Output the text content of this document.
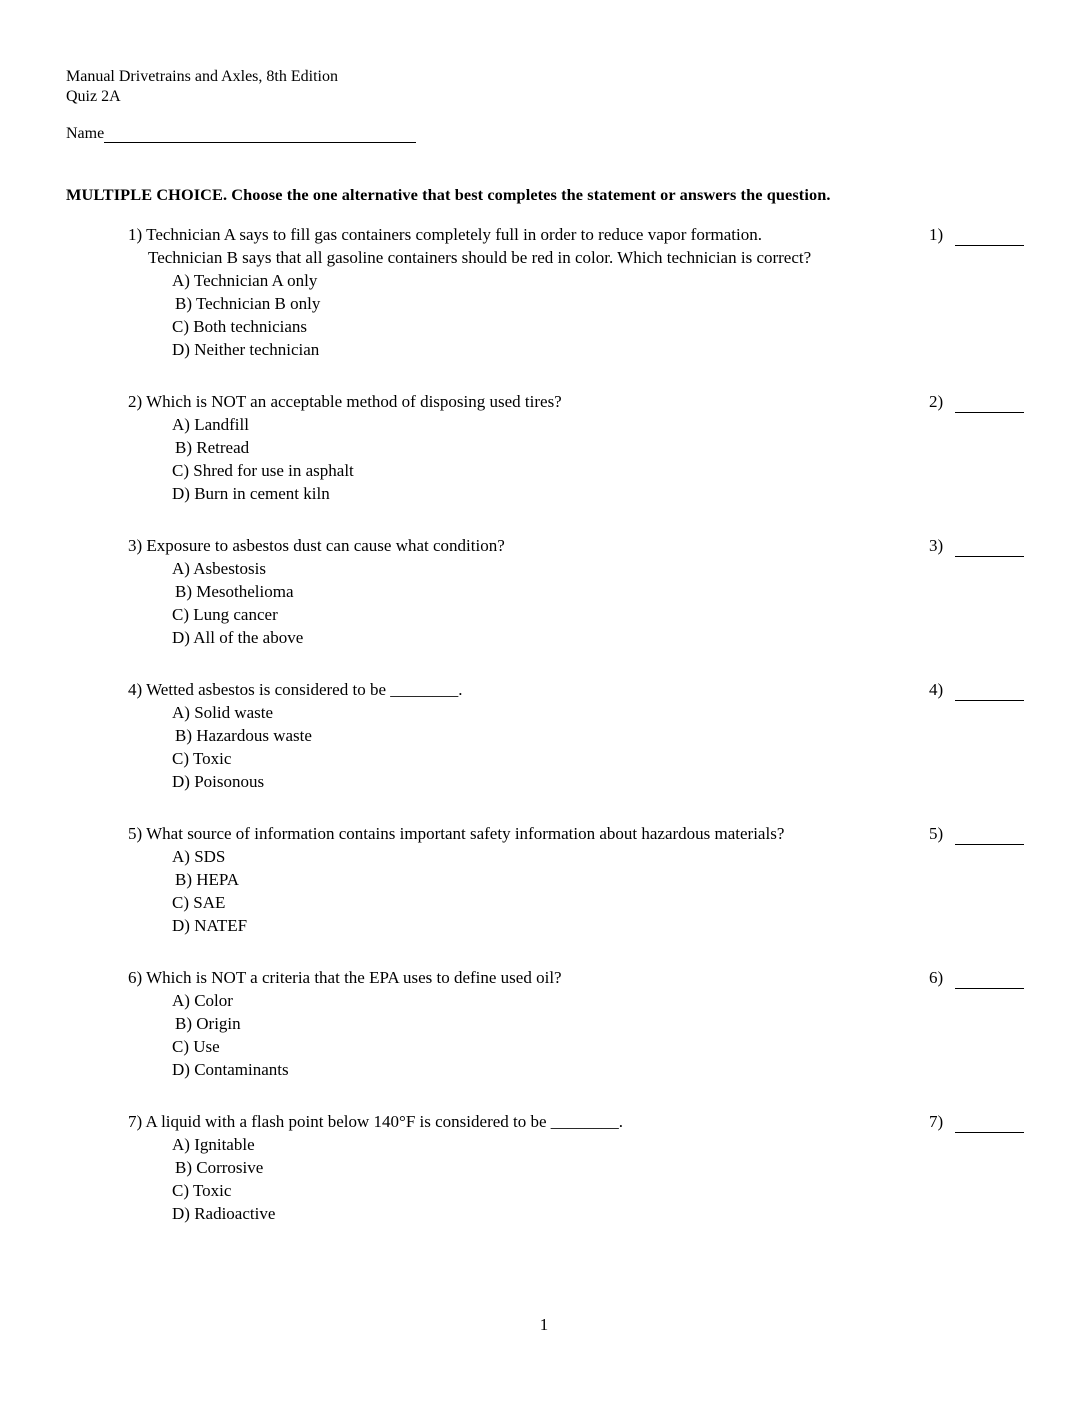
Manual Drivetrains and Axles, 8th Edition
Quiz 2A
Name
MULTIPLE CHOICE. Choose the one alternative that best completes the statement or answers the question.
1) Technician A says to fill gas containers completely full in order to reduce vapor formation.
Technician B says that all gasoline containers should be red in color. Which technician is correct?
A) Technician A only
B) Technician B only
C) Both technicians
D) Neither technician
1)
2) Which is NOT an acceptable method of disposing used tires?
A) Landfill
B) Retread
C) Shred for use in asphalt
D) Burn in cement kiln
2)
3) Exposure to asbestos dust can cause what condition?
A) Asbestosis
B) Mesothelioma
C) Lung cancer
D) All of the above
3)
4) Wetted asbestos is considered to be ________.
A) Solid waste
B) Hazardous waste
C) Toxic
D) Poisonous
4)
5) What source of information contains important safety information about hazardous materials?
A) SDS
B) HEPA
C) SAE
D) NATEF
5)
6) Which is NOT a criteria that the EPA uses to define used oil?
A) Color
B) Origin
C) Use
D) Contaminants
6)
7) A liquid with a flash point below 140°F is considered to be ________.
A) Ignitable
B) Corrosive
C) Toxic
D) Radioactive
7)
1
